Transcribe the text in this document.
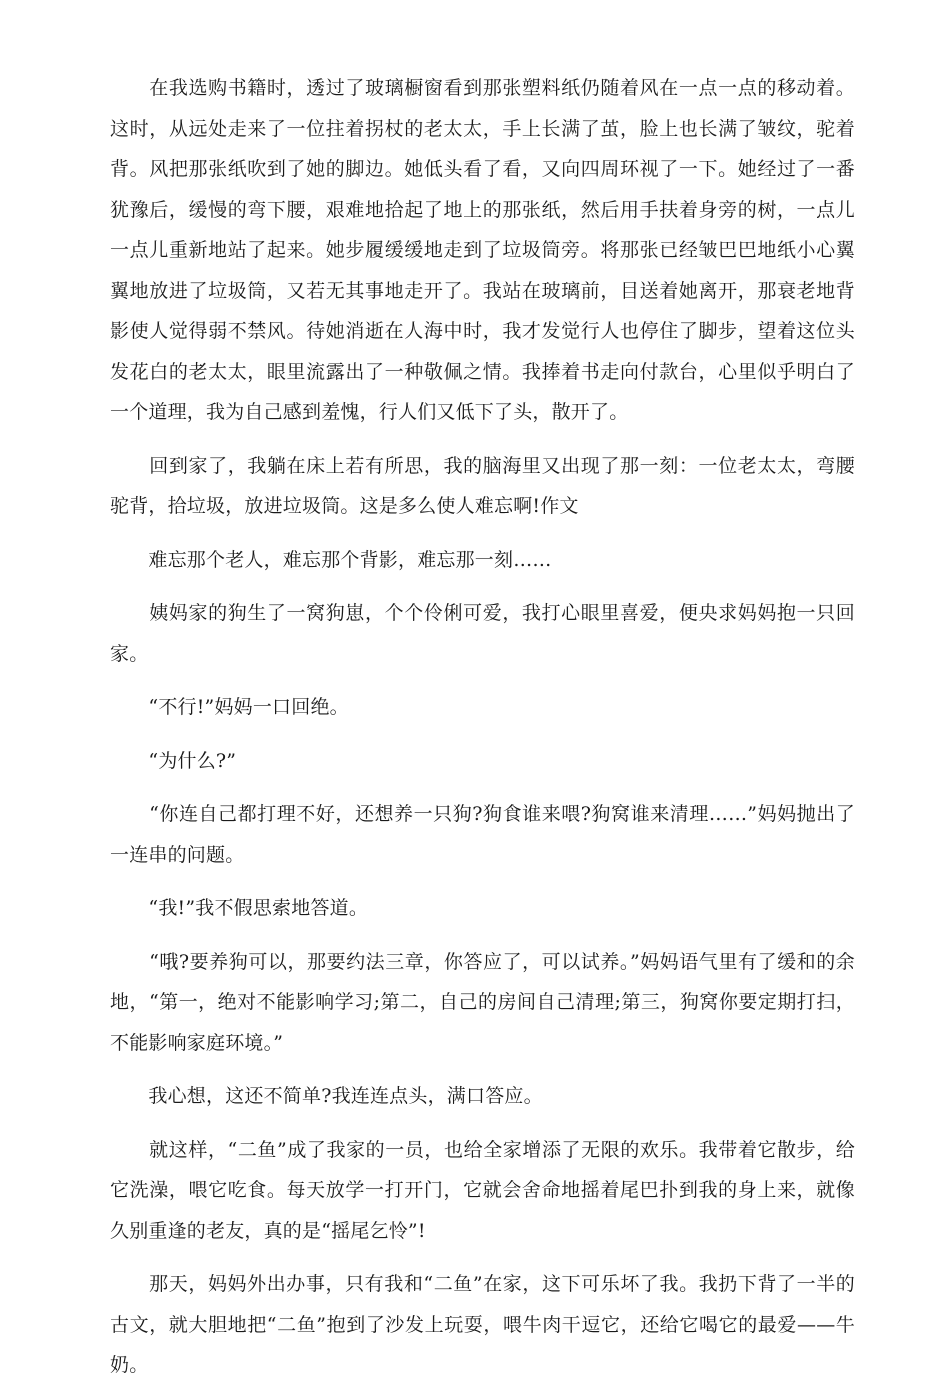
　　在我选购书籍时，透过了玻璃橱窗看到那张塑料纸仍随着风在一点一点的移动着。这时，从远处走来了一位拄着拐杖的老太太，手上长满了茧，脸上也长满了皱纹，驼着背。风把那张纸吹到了她的脚边。她低头看了看，又向四周环视了一下。她经过了一番犹豫后，缓慢的弯下腰，艰难地拾起了地上的那张纸，然后用手扶着身旁的树，一点儿一点儿重新地站了起来。她步履缓缓地走到了垃圾筒旁。将那张已经皱巴巴地纸小心翼翼地放进了垃圾筒，又若无其事地走开了。我站在玻璃前，目送着她离开，那衰老地背影使人觉得弱不禁风。待她消逝在人海中时，我才发觉行人也停住了脚步，望着这位头发花白的老太太，眼里流露出了一种敬佩之情。我捧着书走向付款台，心里似乎明白了一个道理，我为自己感到羞愧，行人们又低下了头，散开了。

　　回到家了，我躺在床上若有所思，我的脑海里又出现了那一刻：一位老太太，弯腰驼背，拾垃圾，放进垃圾筒。这是多么使人难忘啊!作文

　　难忘那个老人，难忘那个背影，难忘那一刻……

　　姨妈家的狗生了一窝狗崽，个个伶俐可爱，我打心眼里喜爱，便央求妈妈抱一只回家。

　　“不行!”妈妈一口回绝。

　　“为什么?”

　　“你连自己都打理不好，还想养一只狗?狗食谁来喂?狗窝谁来清理……”妈妈抛出了一连串的问题。

　　“我!”我不假思索地答道。

　　“哦?要养狗可以，那要约法三章，你答应了，可以试养。”妈妈语气里有了缓和的余地，“第一，绝对不能影响学习;第二，自己的房间自己清理;第三，狗窝你要定期打扫，不能影响家庭环境。”

　　我心想，这还不简单?我连连点头，满口答应。

　　就这样，“二鱼”成了我家的一员，也给全家增添了无限的欢乐。我带着它散步，给它洗澡，喂它吃食。每天放学一打开门，它就会舍命地摇着尾巴扑到我的身上来，就像久别重逢的老友，真的是“摇尾乞怜”!

　　那天，妈妈外出办事，只有我和“二鱼”在家，这下可乐坏了我。我扔下背了一半的古文，就大胆地把“二鱼”抱到了沙发上玩耍，喂牛肉干逗它，还给它喝它的最爱——牛奶。
